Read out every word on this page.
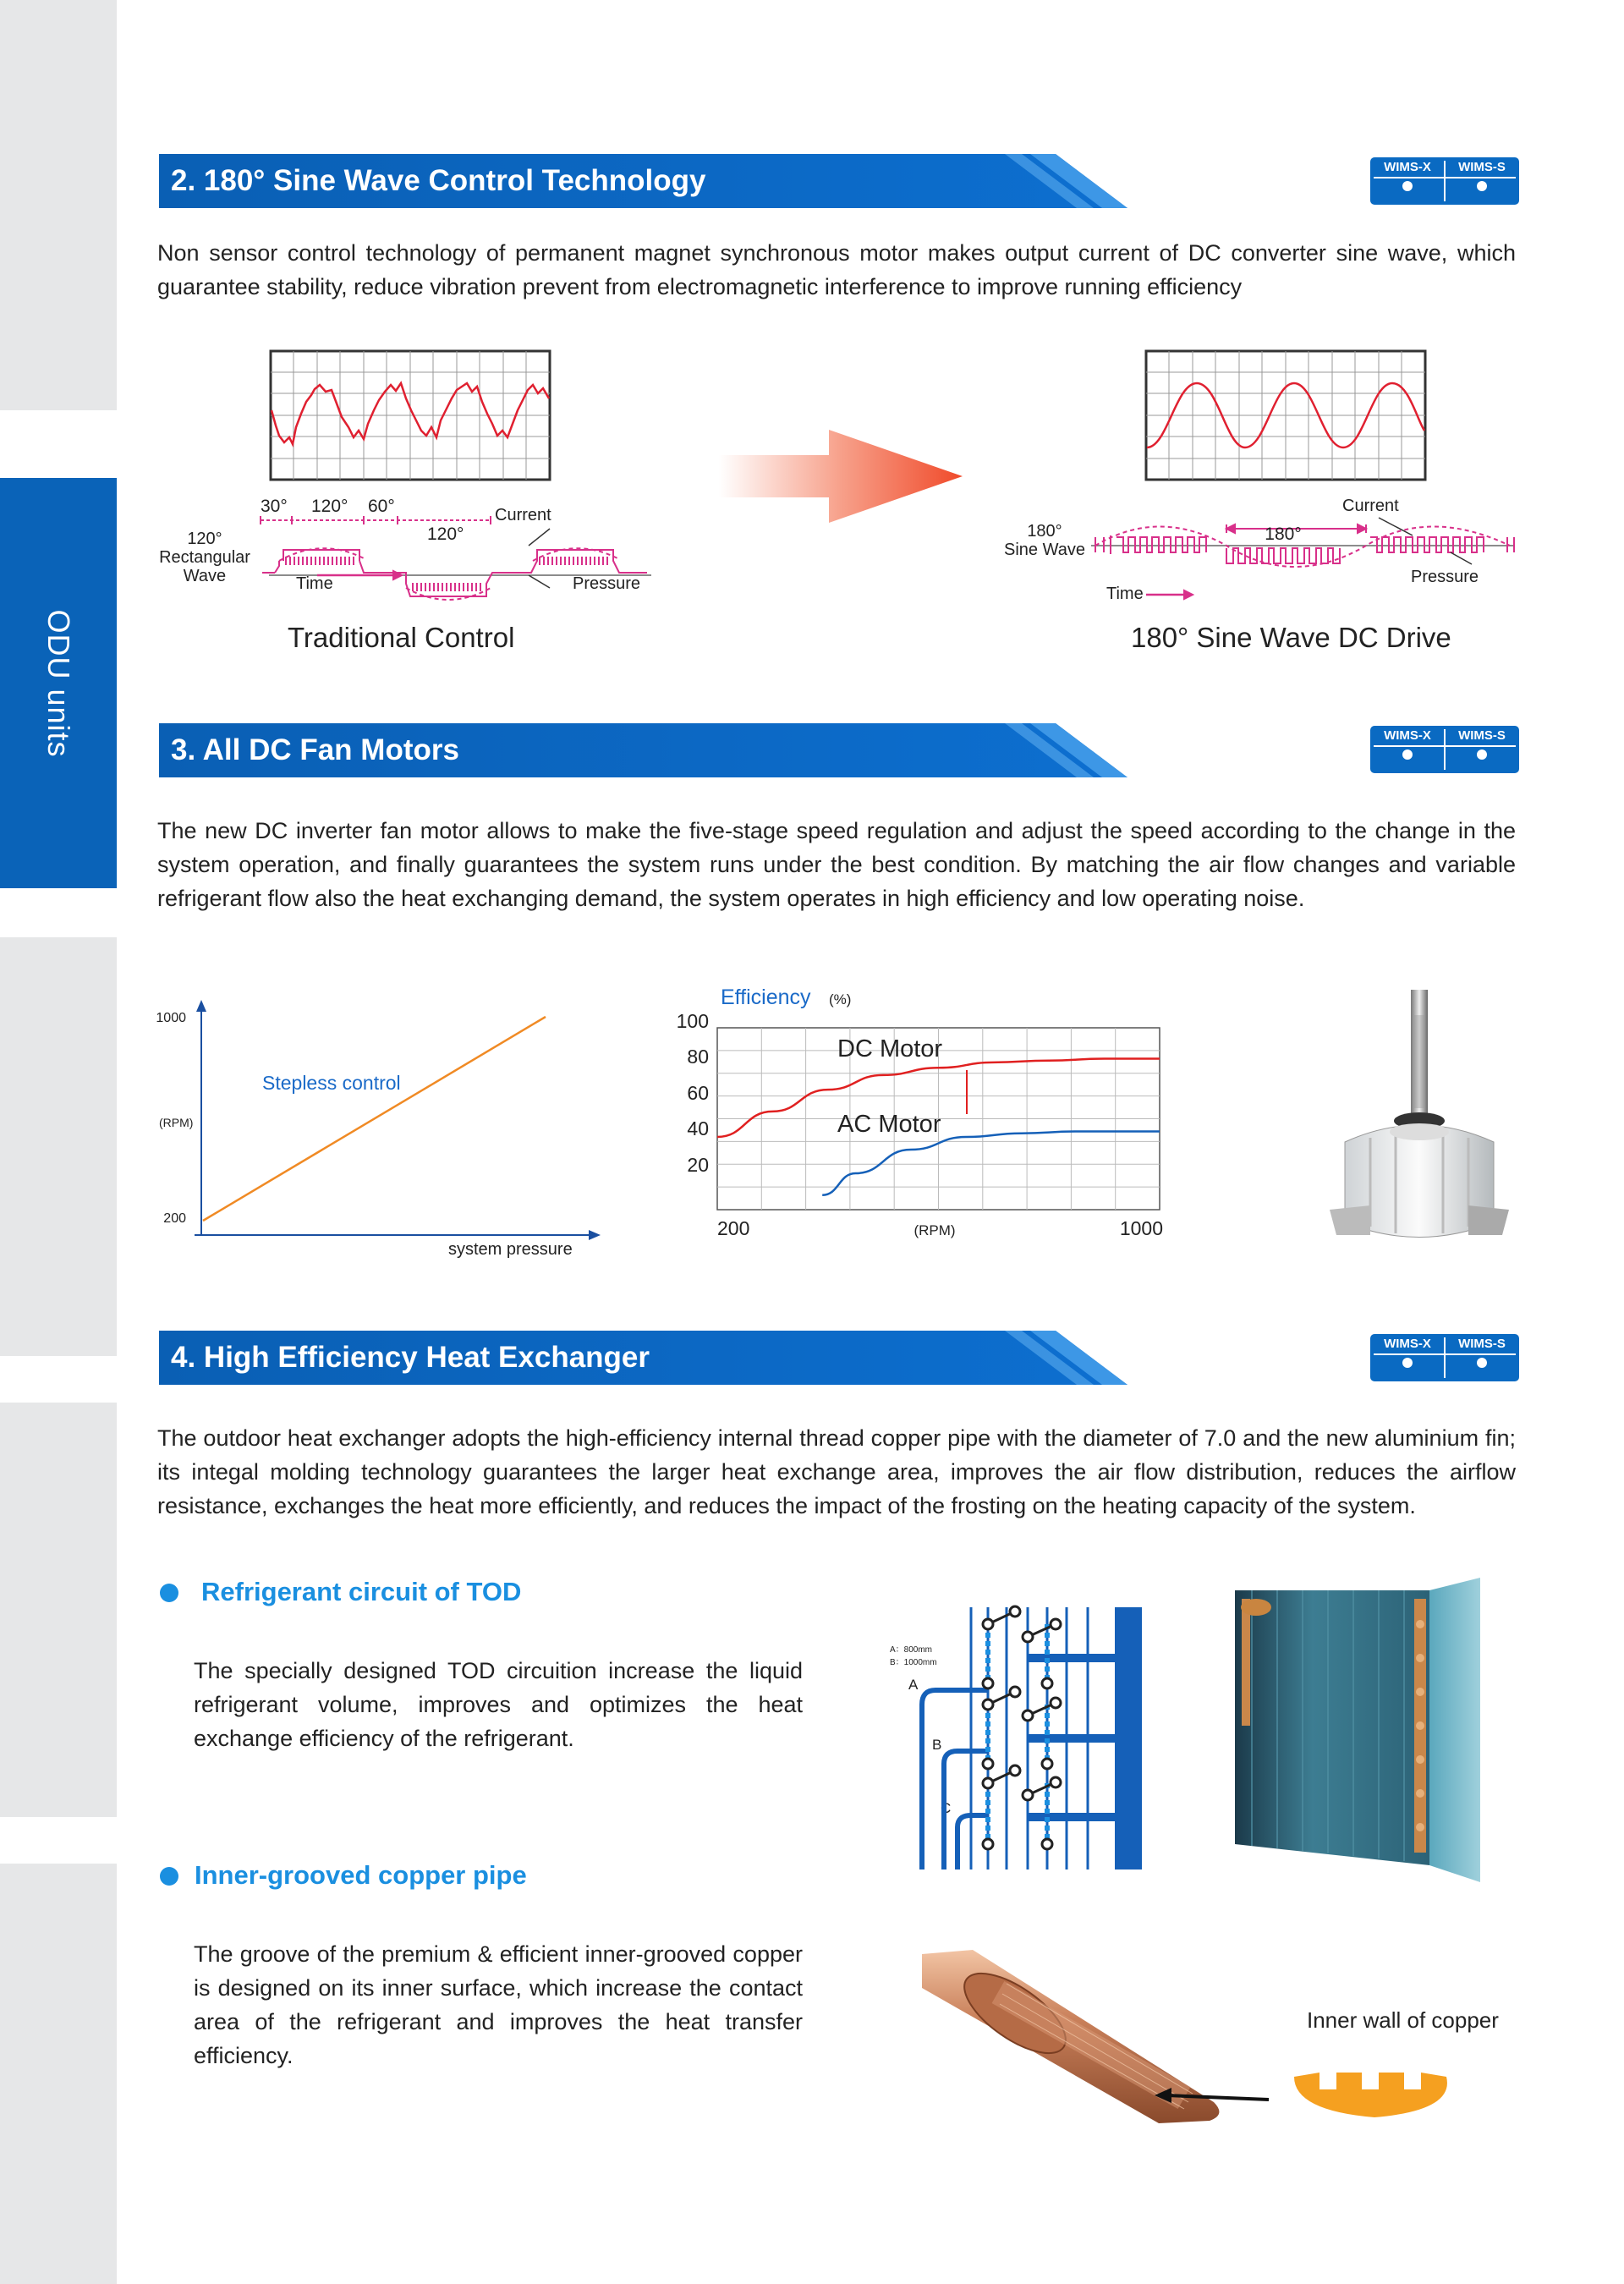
ODU units
2. 180° Sine Wave Control Technology	WIMS-X	WIMS-S
Non sensor control technology of permanent magnet synchronous motor makes output current of DC converter sine wave, which guarantee stability, reduce vibration prevent from electromagnetic interference to improve running efficiency
30° 120° 60°
120°
Current
120°
Rectangular
Wave	Time	Pressure
Traditional Control
180°
Sine Wave
180°
Current
Time
Pressure
180° Sine Wave DC Drive
3. All DC Fan Motors	WIMS-X	WIMS-S
The new DC inverter fan motor allows to make the five-stage speed regulation and adjust the speed according to the change in the system operation, and finally guarantees the system runs under the best condition. By matching the air flow changes and variable refrigerant flow also the heat exchanging demand, the system operates in high efficiency and low operating noise.
1000
200
(RPM)
system pressure
Stepless control
Efficiency (%)
100
80
60
40
20
200	1000
(RPM)
DC Motor
AC Motor
4. High Efficiency Heat Exchanger	WIMS-X	WIMS-S
The outdoor heat exchanger adopts the high-efficiency internal thread copper pipe with the diameter of 7.0 and the new aluminium fin; its integal molding technology guarantees the larger heat exchange area, improves the air flow distribution, reduces the airflow resistance, exchanges the heat more efficiently, and reduces the impact of the frosting on the heating capacity of the system.
Refrigerant circuit of TOD
The specially designed TOD circuition increase the liquid refrigerant volume, improves and optimizes the heat exchange efficiency of the refrigerant.
A：800mm
B：1000mm
A
B
C
Inner-grooved copper pipe
The groove of the premium & efficient inner-grooved copper is designed on its inner surface, which increase the contact area of the refrigerant and improves the heat transfer efficiency.
Inner wall of copper
